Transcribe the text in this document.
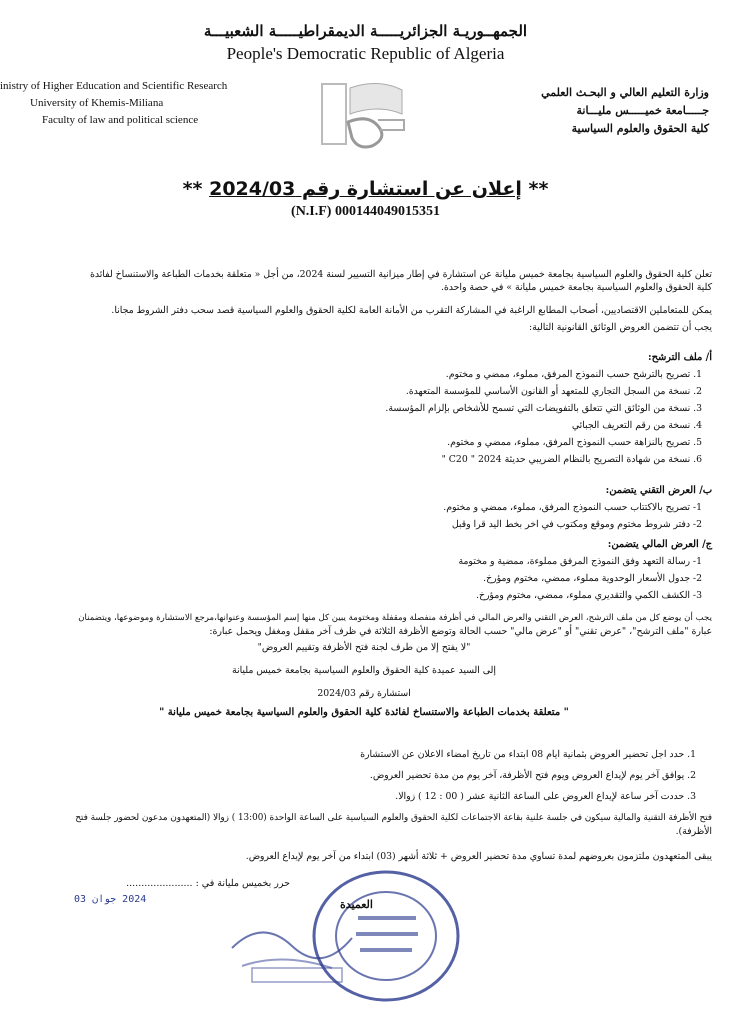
الجمهــوريـة الجزائريـــــة الديمقراطيـــــة الشعبيـــة
People's Democratic Republic of Algeria
inistry of Higher Education and Scientific Research
University of Khemis-Miliana
Faculty of law and political science
وزارة التعليم العالي و البحـث العلمي
جـــــامعة خميـــــس مليـــانة
كلية الحقوق والعلوم السياسية
** إعلان عن استشارة رقم 2024/03 **
(N.I.F) 000144049015351

تعلن كلية الحقوق والعلوم السياسية بجامعة خميس مليانة عن استشارة في إطار ميزانية التسيير لسنة 2024، من أجل « متعلقة بخدمات الطباعة والاستنساخ لفائدة

كلية الحقوق والعلوم السياسية بجامعة خميس مليانة » في حصة واحدة.

يمكن للمتعاملين الاقتصاديين، أصحاب المطابع الراغبة في المشاركة التقرب من الأمانة العامة لكلية الحقوق والعلوم السياسية قصد سحب دفتر الشروط مجانا.

يجب أن تتضمن العروض الوثائق القانونية التالية:

أ/ ملف الترشح:

1. تصريح بالترشح حسب النموذج المرفق، مملوء، ممضي و مختوم.

2. نسخة من السجل التجاري للمتعهد أو القانون الأساسي للمؤسسة المتعهدة.

3. نسخة من الوثائق التي تتعلق بالتفويضات التي تسمح للأشخاص بإلزام المؤسسة.

4. نسخة من رقم التعريف الجبائي

5. تصريح بالنزاهة حسب النموذج المرفق، مملوء، ممضي و مختوم.

6. نسخة من شهادة التصريح بالنظام الضريبي حديثة 2024 " C20 "

ب/ العرض التقني يتضمن:

1- تصريح بالاكتتاب حسب النموذج المرفق، مملوء، ممضي و مختوم.

2- دفتر شروط مختوم وموقع ومكتوب في اخر بخط اليد قرا وقبل

ج/ العرض المالي يتضمن:

1- رسالة التعهد وفق النموذج المرفق مملوءة، ممضية و مختومة

2- جدول الأسعار الوحدوية مملوء، ممضي، مختوم ومؤرخ.

3- الكشف الكمي والتقديري مملوء، ممضي، مختوم ومؤرخ.

يجب أن يوضع كل من ملف الترشح، العرض التقني والعرض المالي في أظرفة منفصلة ومقفلة ومختومة يبين كل منها إسم المؤسسة وعنوانها،مرجع الاستشارة وموضوعها، ويتضمنان

عبارة "ملف الترشح"، "عرض تقني" أو "عرض مالي" حسب الحالة وتوضع الأظرفة الثلاثة في ظرف آخر مقفل ومغفل ويحمل عبارة:

"لا يفتح إلا من طرف لجنة فتح الأظرفة وتقييم العروض"

إلى السيد عميدة كلية الحقوق والعلوم السياسية بجامعة خميس مليانة

استشارة رقم 2024/03

" متعلقة بخدمات الطباعة والاستنساخ لفائدة كلية الحقوق والعلوم السياسية بجامعة خميس مليانة "

1. حدد اجل تحضير العروض بثمانية ايام 08 ابتداء من تاريخ امضاء الاعلان عن الاستشارة

2. يوافق آخر يوم لإيداع العروض ويوم فتح الأظرفة، آخر يوم من مدة تحضير العروض.

3. حددت آخر ساعة لإيداع العروض على الساعة الثانية عشر ( 00 : 12 ) زوالا.

فتح الأظرفة التقنية والمالية سيكون في جلسة علنية بقاعة الاجتماعات لكلية الحقوق والعلوم السياسية على الساعة الواحدة (13:00 ) زوالا (المتعهدون مدعون لحضور جلسة فتح

الأظرفة).

يبقى المتعهدون ملتزمون بعروضهم لمدة تساوي مدة تحضير العروض + ثلاثة أشهر (03) ابتداء من آخر يوم لإيداع العروض.

حرر بخميس مليانة في : ......................
2024 جوان 03	العميدة
